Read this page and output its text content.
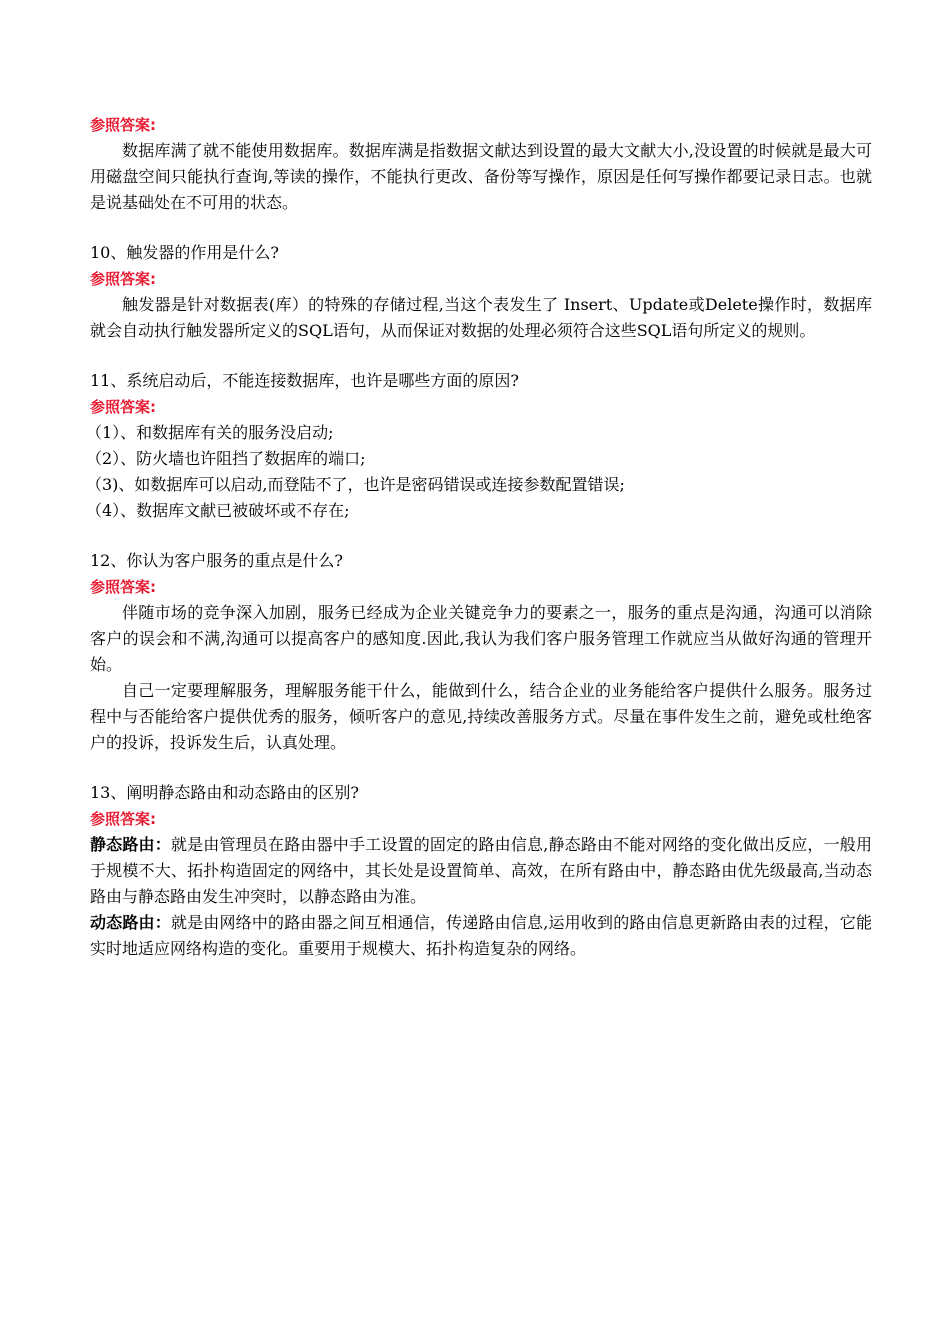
参照答案:
数据库满了就不能使用数据库。数据库满是指数据文献达到设置的最大文献大小,没设置的时候就是最大可用磁盘空间只能执行查询,等读的操作，不能执行更改、备份等写操作，原因是任何写操作都要记录日志。也就是说基础处在不可用的状态。
10、触发器的作用是什么?
参照答案:
触发器是针对数据表(库）的特殊的存储过程,当这个表发生了 Insert、Update或Delete操作时，数据库就会自动执行触发器所定义的SQL语句，从而保证对数据的处理必须符合这些SQL语句所定义的规则。
11、系统启动后，不能连接数据库，也许是哪些方面的原因?
参照答案:
（1）、和数据库有关的服务没启动;
（2）、防火墙也许阻挡了数据库的端口;
（3)、如数据库可以启动,而登陆不了，也许是密码错误或连接参数配置错误;
（4）、数据库文献已被破坏或不存在;
12、你认为客户服务的重点是什么?
参照答案:
伴随市场的竞争深入加剧，服务已经成为企业关键竞争力的要素之一，服务的重点是沟通，沟通可以消除客户的误会和不满,沟通可以提高客户的感知度.因此,我认为我们客户服务管理工作就应当从做好沟通的管理开始。
自己一定要理解服务，理解服务能干什么，能做到什么，结合企业的业务能给客户提供什么服务。服务过程中与否能给客户提供优秀的服务，倾听客户的意见,持续改善服务方式。尽量在事件发生之前，避免或杜绝客户的投诉，投诉发生后，认真处理。
13、阐明静态路由和动态路由的区别?
参照答案:
静态路由：就是由管理员在路由器中手工设置的固定的路由信息,静态路由不能对网络的变化做出反应，一般用于规模不大、拓扑构造固定的网络中，其长处是设置简单、高效，在所有路由中，静态路由优先级最高,当动态路由与静态路由发生冲突时，以静态路由为准。
动态路由：就是由网络中的路由器之间互相通信，传递路由信息,运用收到的路由信息更新路由表的过程，它能实时地适应网络构造的变化。重要用于规模大、拓扑构造复杂的网络。
